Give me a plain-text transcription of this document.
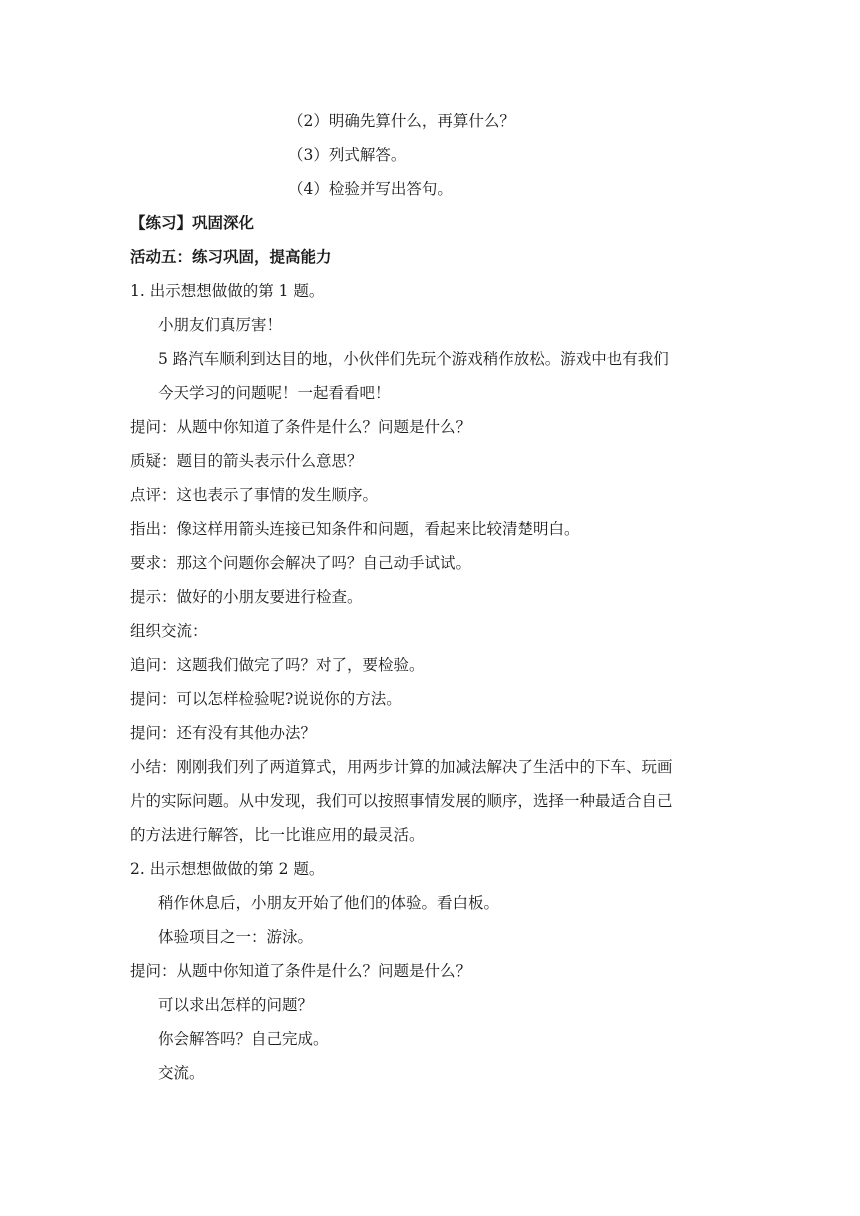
（2）明确先算什么，再算什么？
（3）列式解答。
（4）检验并写出答句。
【练习】巩固深化
活动五：练习巩固，提高能力
1. 出示想想做做的第 1 题。
小朋友们真厉害！
5 路汽车顺利到达目的地，小伙伴们先玩个游戏稍作放松。游戏中也有我们
今天学习的问题呢！一起看看吧！
提问：从题中你知道了条件是什么？问题是什么？
质疑：题目的箭头表示什么意思？
点评：这也表示了事情的发生顺序。
指出：像这样用箭头连接已知条件和问题，看起来比较清楚明白。
要求：那这个问题你会解决了吗？自己动手试试。
提示：做好的小朋友要进行检查。
组织交流：
追问：这题我们做完了吗？对了，要检验。
提问：可以怎样检验呢?说说你的方法。
提问：还有没有其他办法？
小结：刚刚我们列了两道算式，用两步计算的加减法解决了生活中的下车、玩画
片的实际问题。从中发现，我们可以按照事情发展的顺序，选择一种最适合自己
的方法进行解答，比一比谁应用的最灵活。
2. 出示想想做做的第 2 题。
稍作休息后，小朋友开始了他们的体验。看白板。
体验项目之一：游泳。
提问：从题中你知道了条件是什么？问题是什么？
可以求出怎样的问题？
你会解答吗？自己完成。
交流。
